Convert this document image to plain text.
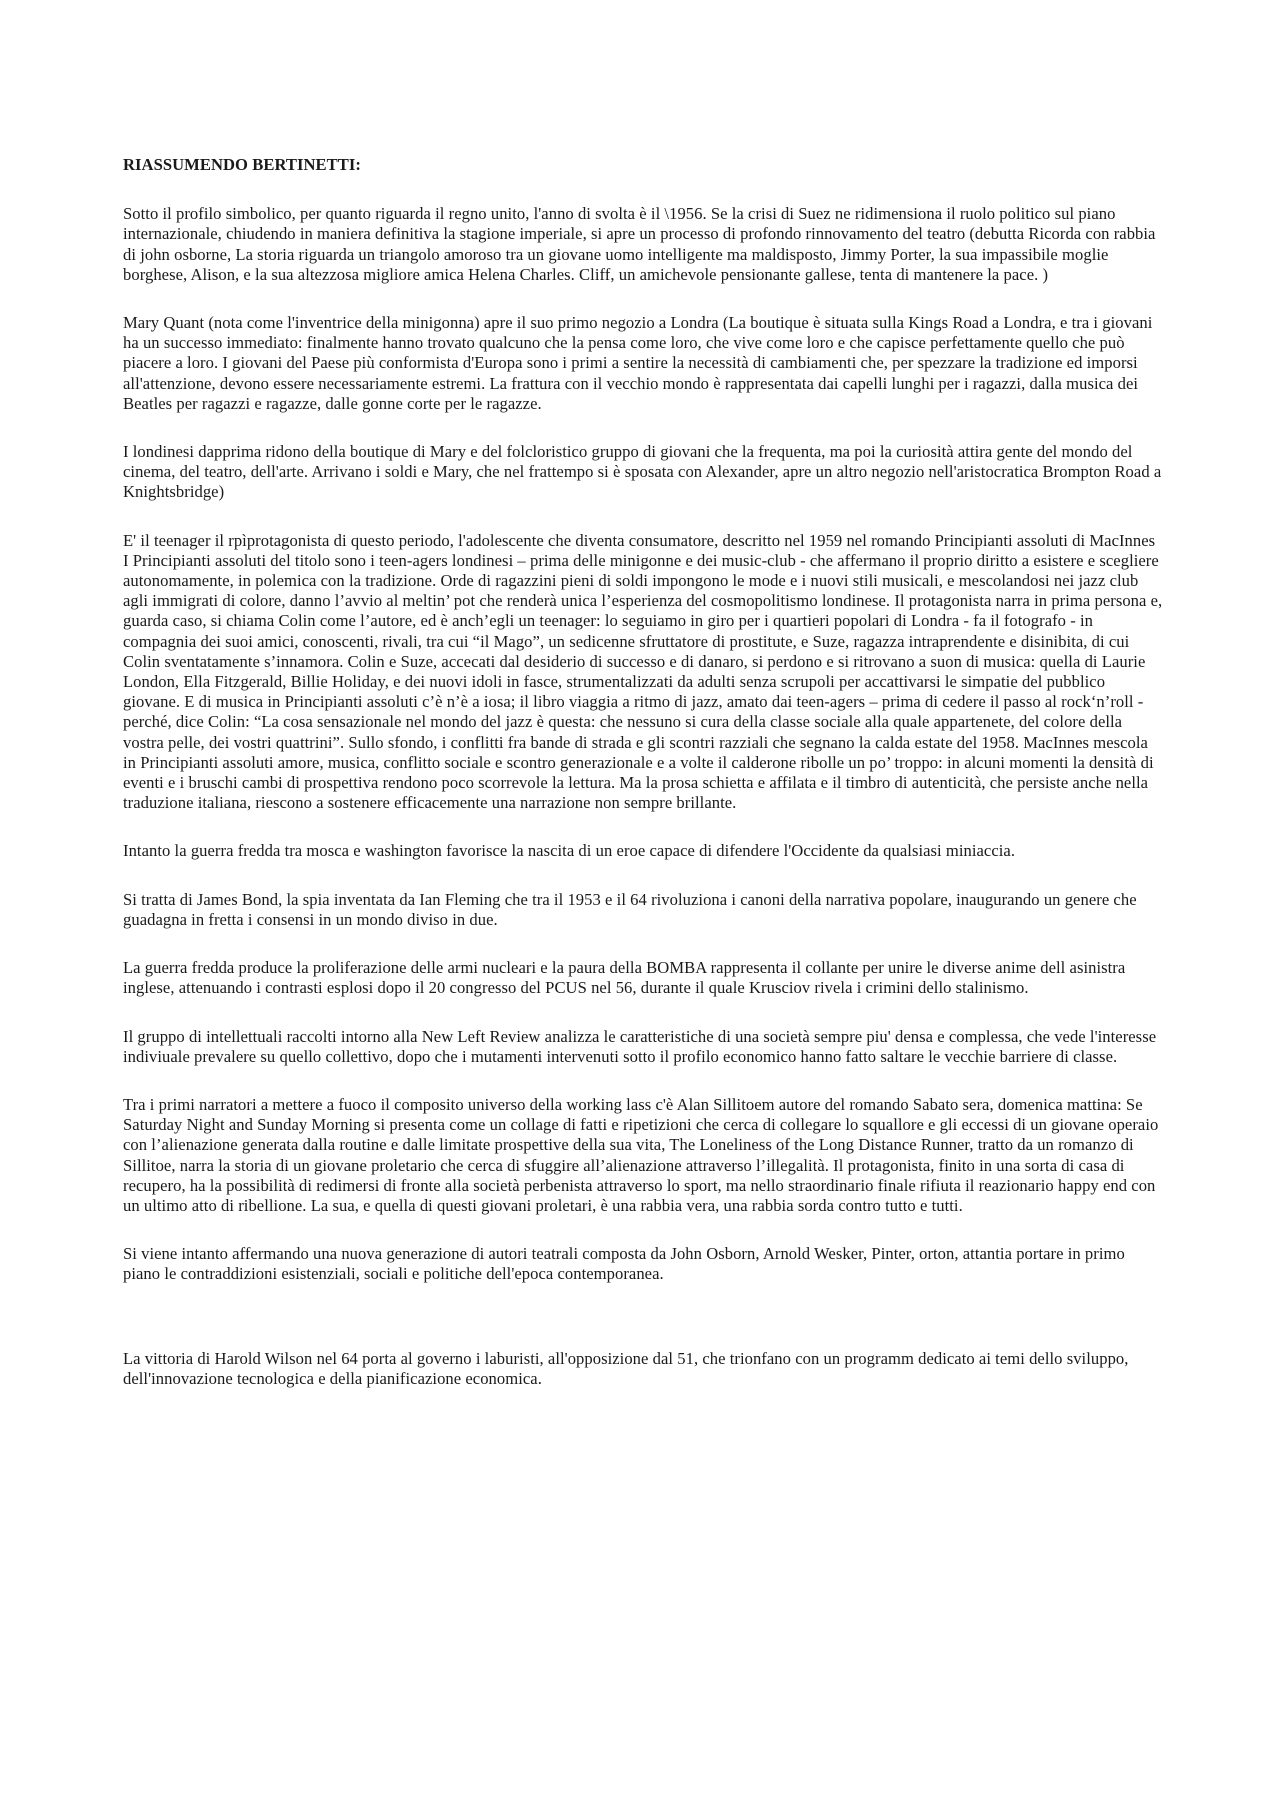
RIASSUMENDO BERTINETTI:

Sotto il profilo simbolico, per quanto riguarda il regno unito, l'anno di svolta è il \1956. Se la crisi di Suez ne ridimensiona il ruolo politico sul piano internazionale, chiudendo in maniera definitiva la stagione imperiale, si apre un processo di profondo rinnovamento del teatro (debutta Ricorda con rabbia di john osborne, La storia riguarda un triangolo amoroso tra un giovane uomo intelligente ma maldisposto, Jimmy Porter, la sua impassibile moglie borghese, Alison, e la sua altezzosa migliore amica Helena Charles. Cliff, un amichevole pensionante gallese, tenta di mantenere la pace. )

Mary Quant (nota come l'inventrice della minigonna) apre il suo primo negozio a Londra (La boutique è situata sulla Kings Road a Londra, e tra i giovani ha un successo immediato: finalmente hanno trovato qualcuno che la pensa come loro, che vive come loro e che capisce perfettamente quello che può piacere a loro. I giovani del Paese più conformista d'Europa sono i primi a sentire la necessità di cambiamenti che, per spezzare la tradizione ed imporsi all'attenzione, devono essere necessariamente estremi. La frattura con il vecchio mondo è rappresentata dai capelli lunghi per i ragazzi, dalla musica dei Beatles per ragazzi e ragazze, dalle gonne corte per le ragazze.

I londinesi dapprima ridono della boutique di Mary e del folcloristico gruppo di giovani che la frequenta, ma poi la curiosità attira gente del mondo del cinema, del teatro, dell'arte. Arrivano i soldi e Mary, che nel frattempo si è sposata con Alexander, apre un altro negozio nell'aristocratica Brompton Road a Knightsbridge)

E' il teenager il rpìprotagonista di questo periodo, l'adolescente che diventa consumatore, descritto nel 1959 nel romando Principianti assoluti di MacInnes I Principianti assoluti del titolo sono i teen-agers londinesi – prima delle minigonne e dei music-club - che affermano il proprio diritto a esistere e scegliere autonomamente, in polemica con la tradizione. Orde di ragazzini pieni di soldi impongono le mode e i nuovi stili musicali, e mescolandosi nei jazz club agli immigrati di colore, danno l’avvio al meltin’ pot che renderà unica l’esperienza del cosmopolitismo londinese. Il protagonista narra in prima persona e, guarda caso, si chiama Colin come l’autore, ed è anch’egli un teenager: lo seguiamo in giro per i quartieri popolari di Londra - fa il fotografo - in compagnia dei suoi amici, conoscenti, rivali, tra cui “il Mago”, un sedicenne sfruttatore di prostitute, e Suze, ragazza intraprendente e disinibita, di cui Colin sventatamente s’innamora. Colin e Suze, accecati dal desiderio di successo e di danaro, si perdono e si ritrovano a suon di musica: quella di Laurie London, Ella Fitzgerald, Billie Holiday, e dei nuovi idoli in fasce, strumentalizzati da adulti senza scrupoli per accattivarsi le simpatie del pubblico giovane. E di musica in Principianti assoluti c’è n’è a iosa; il libro viaggia a ritmo di jazz, amato dai teen-agers – prima di cedere il passo al rock‘n’roll - perché, dice Colin: “La cosa sensazionale nel mondo del jazz è questa: che nessuno si cura della classe sociale alla quale appartenete, del colore della vostra pelle, dei vostri quattrini”. Sullo sfondo, i conflitti fra bande di strada e gli scontri razziali che segnano la calda estate del 1958. MacInnes mescola in Principianti assoluti amore, musica, conflitto sociale e scontro generazionale e a volte il calderone ribolle un po’ troppo: in alcuni momenti la densità di eventi e i bruschi cambi di prospettiva rendono poco scorrevole la lettura. Ma la prosa schietta e affilata e il timbro di autenticità, che persiste anche nella traduzione italiana, riescono a sostenere efficacemente una narrazione non sempre brillante.

Intanto la guerra fredda tra mosca e washington favorisce la nascita di un eroe capace di difendere l'Occidente da qualsiasi miniaccia.

Si tratta di James Bond, la spia inventata da Ian Fleming che tra il 1953 e il 64 rivoluziona i canoni della narrativa popolare, inaugurando un genere che guadagna in fretta i consensi in un mondo diviso in due.

La guerra fredda produce la proliferazione delle armi nucleari e la paura della BOMBA rappresenta il collante per unire le diverse anime dell asinistra inglese, attenuando i contrasti esplosi dopo il 20 congresso del PCUS nel 56, durante il quale Krusciov rivela i crimini dello stalinismo.

Il gruppo di intellettuali raccolti intorno alla New Left Review analizza le caratteristiche di una società sempre piu' densa e complessa, che vede l'interesse indiviuale prevalere su quello collettivo, dopo che i mutamenti intervenuti sotto il profilo economico hanno fatto saltare le vecchie barriere di classe.

Tra i primi narratori a mettere a fuoco il composito universo della working lass c'è Alan Sillitoem autore del romando Sabato sera, domenica mattina: Se Saturday Night and Sunday Morning si presenta come un collage di fatti e ripetizioni che cerca di collegare lo squallore e gli eccessi di un giovane operaio con l’alienazione generata dalla routine e dalle limitate prospettive della sua vita, The Loneliness of the Long Distance Runner, tratto da un romanzo di Sillitoe, narra la storia di un giovane proletario che cerca di sfuggire all’alienazione attraverso l’illegalità. Il protagonista, finito in una sorta di casa di recupero, ha la possibilità di redimersi di fronte alla società perbenista attraverso lo sport, ma nello straordinario finale rifiuta il reazionario happy end con un ultimo atto di ribellione. La sua, e quella di questi giovani proletari, è una rabbia vera, una rabbia sorda contro tutto e tutti.

Si viene intanto affermando una nuova generazione di autori teatrali composta da John Osborn, Arnold Wesker, Pinter, orton, attantia portare in primo piano le contraddizioni esistenziali, sociali e politiche dell'epoca contemporanea.

La vittoria di Harold Wilson nel 64 porta al governo i laburisti, all'opposizione dal 51, che trionfano con un programm dedicato ai temi dello sviluppo, dell'innovazione tecnologica e della pianificazione economica.
